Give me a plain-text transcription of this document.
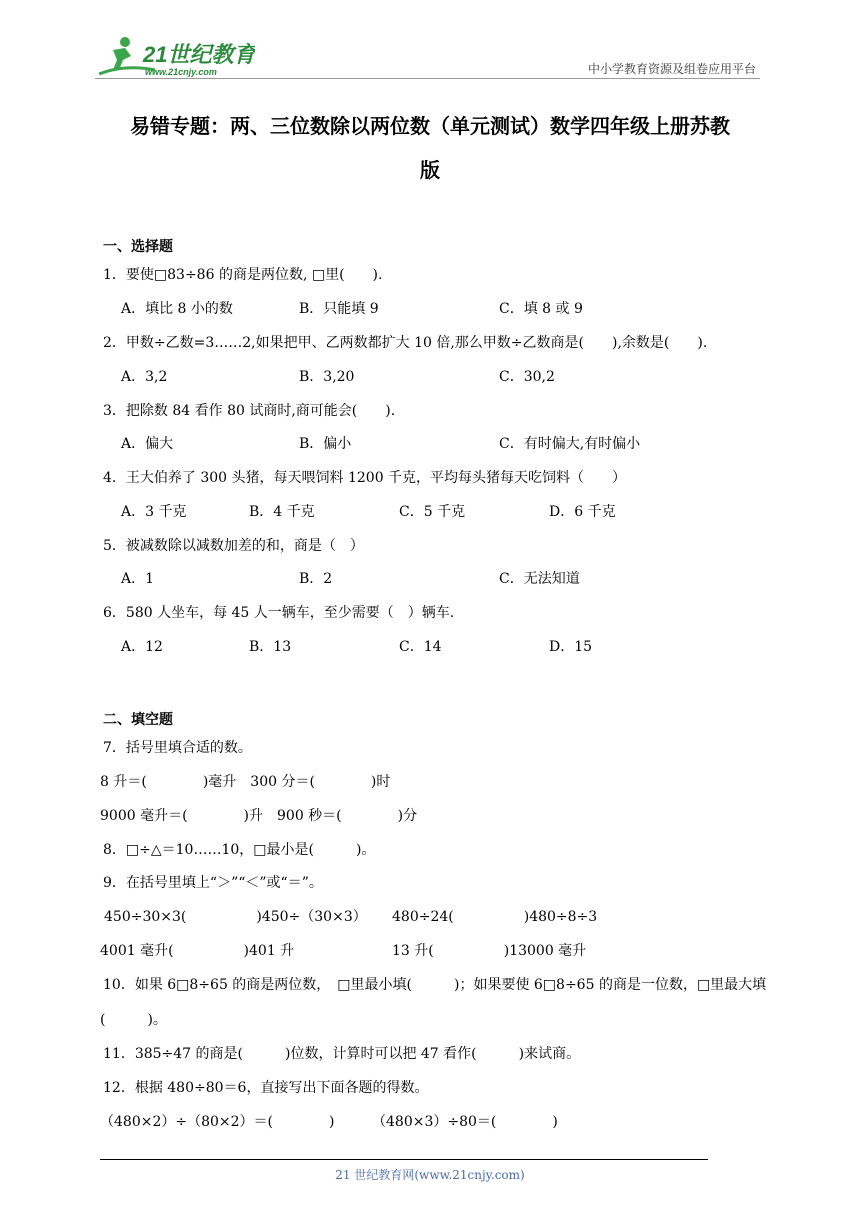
21世纪教育
www.21cnjy.com	中小学教育资源及组卷应用平台
易错专题：两、三位数除以两位数（单元测试）数学四年级上册苏教
版
一、选择题
1．要使□83÷86 的商是两位数, □里(　　).
A．填比 8 小的数	B．只能填 9	C．填 8 或 9
2．甲数÷乙数=3……2,如果把甲、乙两数都扩大 10 倍,那么甲数÷乙数商是(　　),余数是(　　).
A．3,2	B．3,20	C．30,2
3．把除数 84 看作 80 试商时,商可能会(　　).
A．偏大	B．偏小	C．有时偏大,有时偏小
4．王大伯养了 300 头猪，每天喂饲料 1200 千克，平均每头猪每天吃饲料（　　）
A．3 千克	B．4 千克	C．5 千克	D．6 千克
5．被减数除以减数加差的和，商是（　）
A．1	B．2	C．无法知道
6．580 人坐车，每 45 人一辆车，至少需要（　）辆车.
A．12	B．13	C．14	D．15
二、填空题
7．括号里填合适的数。
8 升＝(　　　　)毫升　300 分＝(　　　　)时
9000 毫升＝(　　　　)升　900 秒＝(　　　　)分
8．□÷△＝10……10，□最小是(　　　)。
9．在括号里填上“＞”“＜”或“＝”。
450÷30×3(　　　　　)450÷（30×3） 480÷24(　　　　　)480÷8÷3
4001 毫升(　　　　　)401 升	13 升(　　　　　)13000 毫升
10．如果 6□8÷65 的商是两位数，　□里最小填(　　　)；如果要使 6□8÷65 的商是一位数，□里最大填
(　　　)。
11．385÷47 的商是(　　　)位数，计算时可以把 47 看作(　　　)来试商。
12．根据 480÷80＝6，直接写出下面各题的得数。
（480×2）÷（80×2）＝(　　　　)	（480×3）÷80＝(　　　　)
21 世纪教育网(www.21cnjy.com)
